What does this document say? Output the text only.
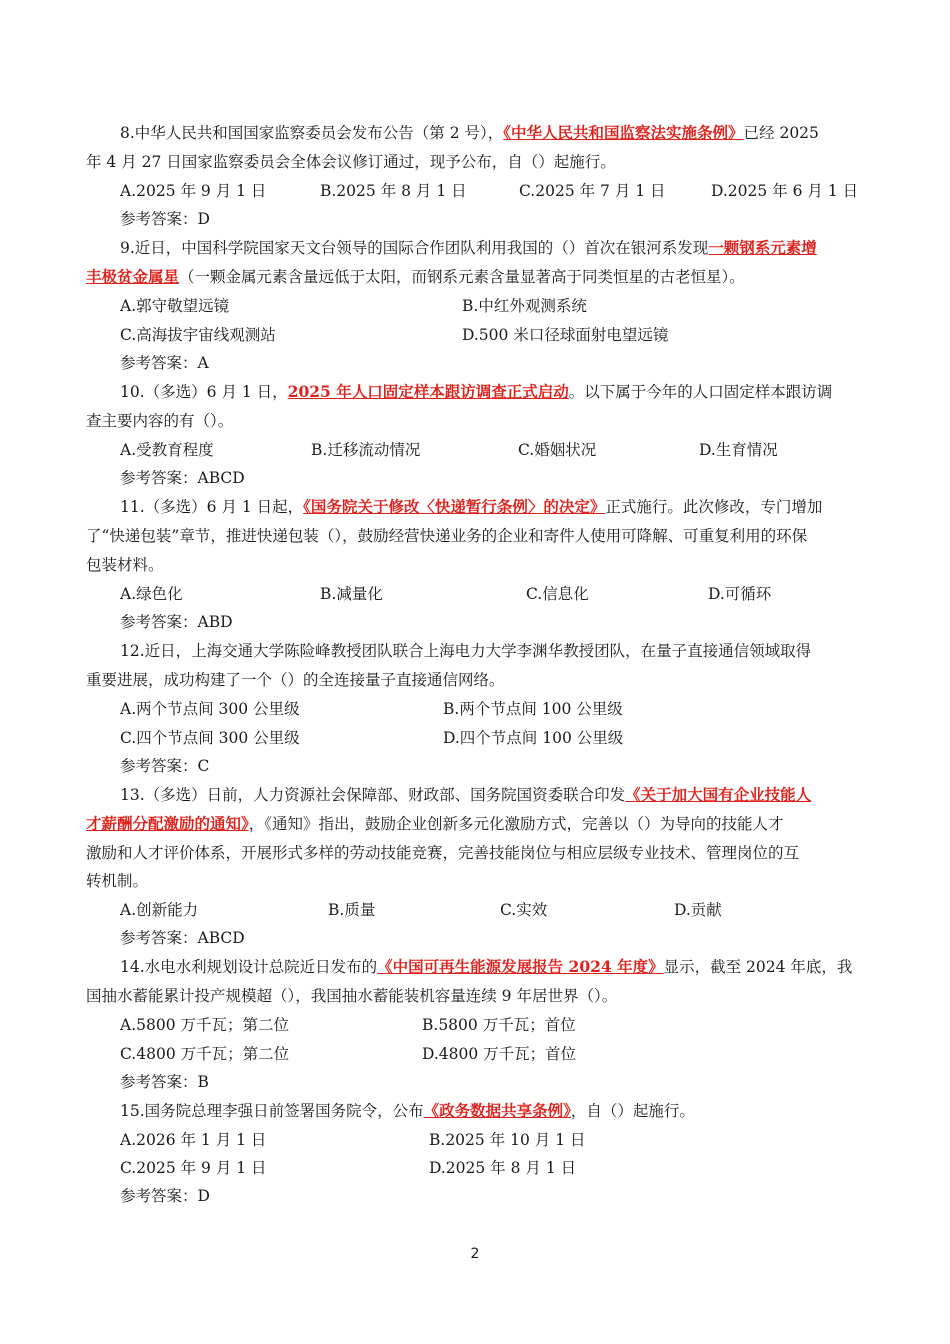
8.中华人民共和国国家监察委员会发布公告（第 2 号），《中华人民共和国监察法实施条例》已经 2025
年 4 月 27 日国家监察委员会全体会议修订通过，现予公布，自（）起施行。
A.2025 年 9 月 1 日	B.2025 年 8 月 1 日	C.2025 年 7 月 1 日	D.2025 年 6 月 1 日
参考答案：D
9.近日，中国科学院国家天文台领导的国际合作团队利用我国的（）首次在银河系发现一颗钢系元素增
丰极贫金属星（一颗金属元素含量远低于太阳，而钢系元素含量显著高于同类恒星的古老恒星）。
A.郭守敬望远镜	B.中红外观测系统
C.高海拔宇宙线观测站	D.500 米口径球面射电望远镜
参考答案：A
10.（多选）6 月 1 日，2025 年人口固定样本跟访调查正式启动。以下属于今年的人口固定样本跟访调
查主要内容的有（）。
A.受教育程度	B.迁移流动情况	C.婚姻状况	D.生育情况
参考答案：ABCD
11.（多选）6 月 1 日起，《国务院关于修改〈快递暂行条例〉的决定》正式施行。此次修改，专门增加
了“快递包装”章节，推进快递包装（），鼓励经营快递业务的企业和寄件人使用可降解、可重复利用的环保
包装材料。
A.绿色化	B.减量化	C.信息化	D.可循环
参考答案：ABD
12.近日，上海交通大学陈险峰教授团队联合上海电力大学李渊华教授团队，在量子直接通信领域取得
重要进展，成功构建了一个（）的全连接量子直接通信网络。
A.两个节点间 300 公里级	B.两个节点间 100 公里级
C.四个节点间 300 公里级	D.四个节点间 100 公里级
参考答案：C
13.（多选）日前，人力资源社会保障部、财政部、国务院国资委联合印发《关于加大国有企业技能人
才薪酬分配激励的通知》，《通知》指出，鼓励企业创新多元化激励方式，完善以（）为导向的技能人才
激励和人才评价体系，开展形式多样的劳动技能竞赛，完善技能岗位与相应层级专业技术、管理岗位的互
转机制。
A.创新能力	B.质量	C.实效	D.贡献
参考答案：ABCD
14.水电水利规划设计总院近日发布的《中国可再生能源发展报告 2024 年度》显示，截至 2024 年底，我
国抽水蓄能累计投产规模超（），我国抽水蓄能装机容量连续 9 年居世界（）。
A.5800 万千瓦；第二位	B.5800 万千瓦；首位
C.4800 万千瓦；第二位	D.4800 万千瓦；首位
参考答案：B
15.国务院总理李强日前签署国务院令，公布《政务数据共享条例》，自（）起施行。
A.2026 年 1 月 1 日	B.2025 年 10 月 1 日
C.2025 年 9 月 1 日	D.2025 年 8 月 1 日
参考答案：D
2
